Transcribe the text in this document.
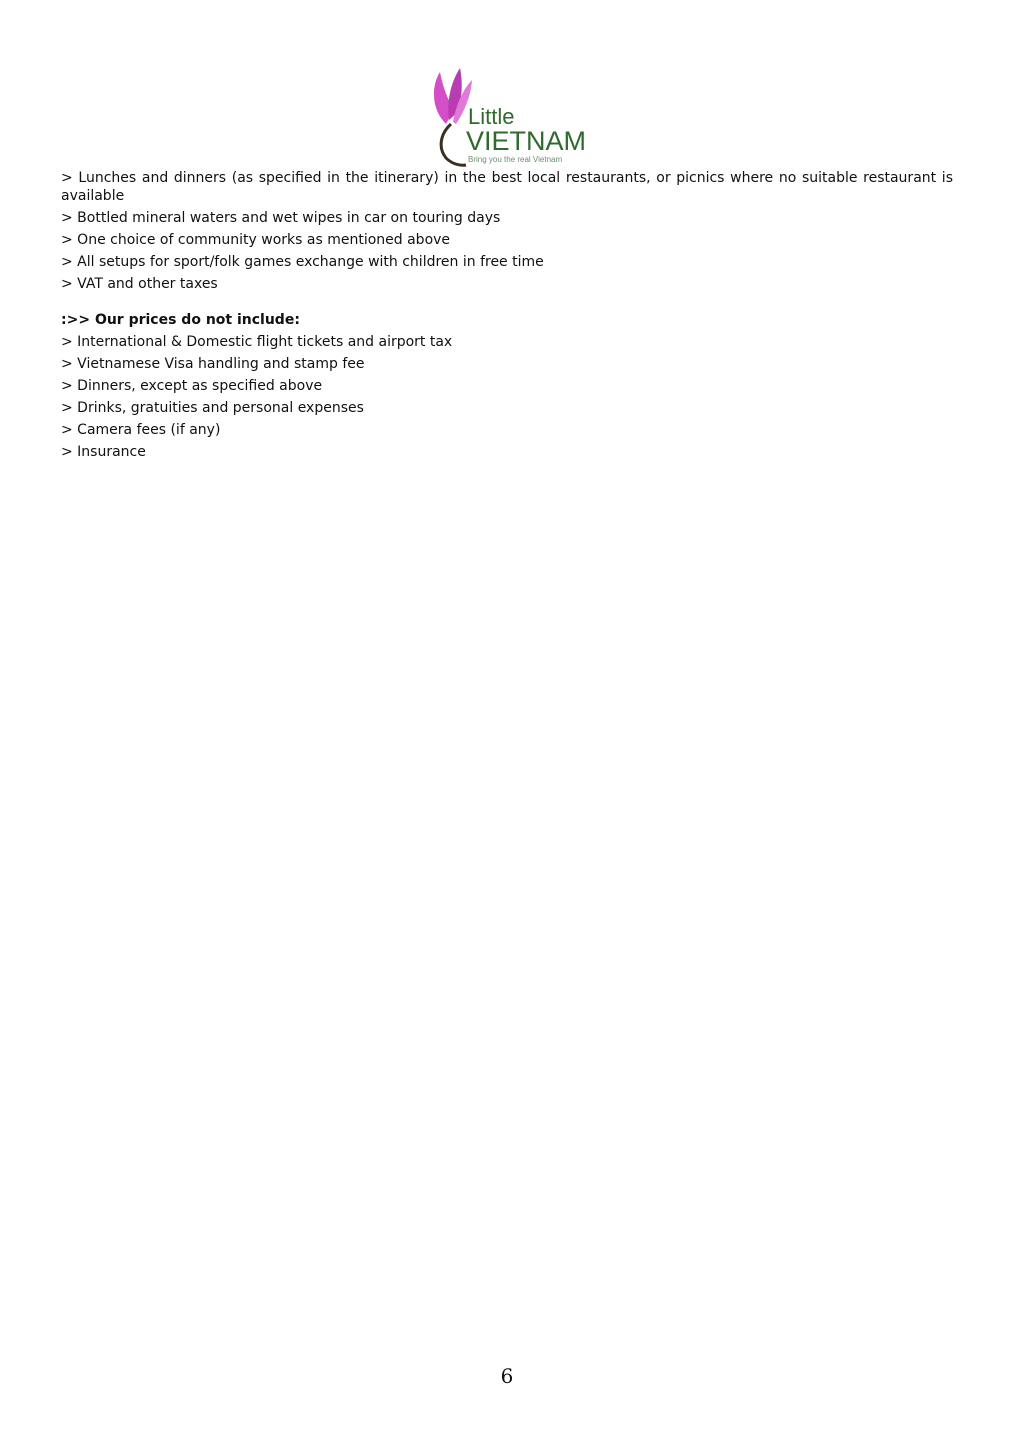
Little
VIETNAM
Bring you the real Vietnam

> Lunches and dinners (as specified in the itinerary) in the best local restaurants, or picnics where no suitable restaurant is available

> Bottled mineral waters and wet wipes in car on touring days

> One choice of community works as mentioned above

> All setups for sport/folk games exchange with children in free time

> VAT and other taxes

:>> Our prices do not include:

> International & Domestic flight tickets and airport tax

> Vietnamese Visa handling and stamp fee

> Dinners, except as specified above

> Drinks, gratuities and personal expenses

> Camera fees (if any)

> Insurance

6
